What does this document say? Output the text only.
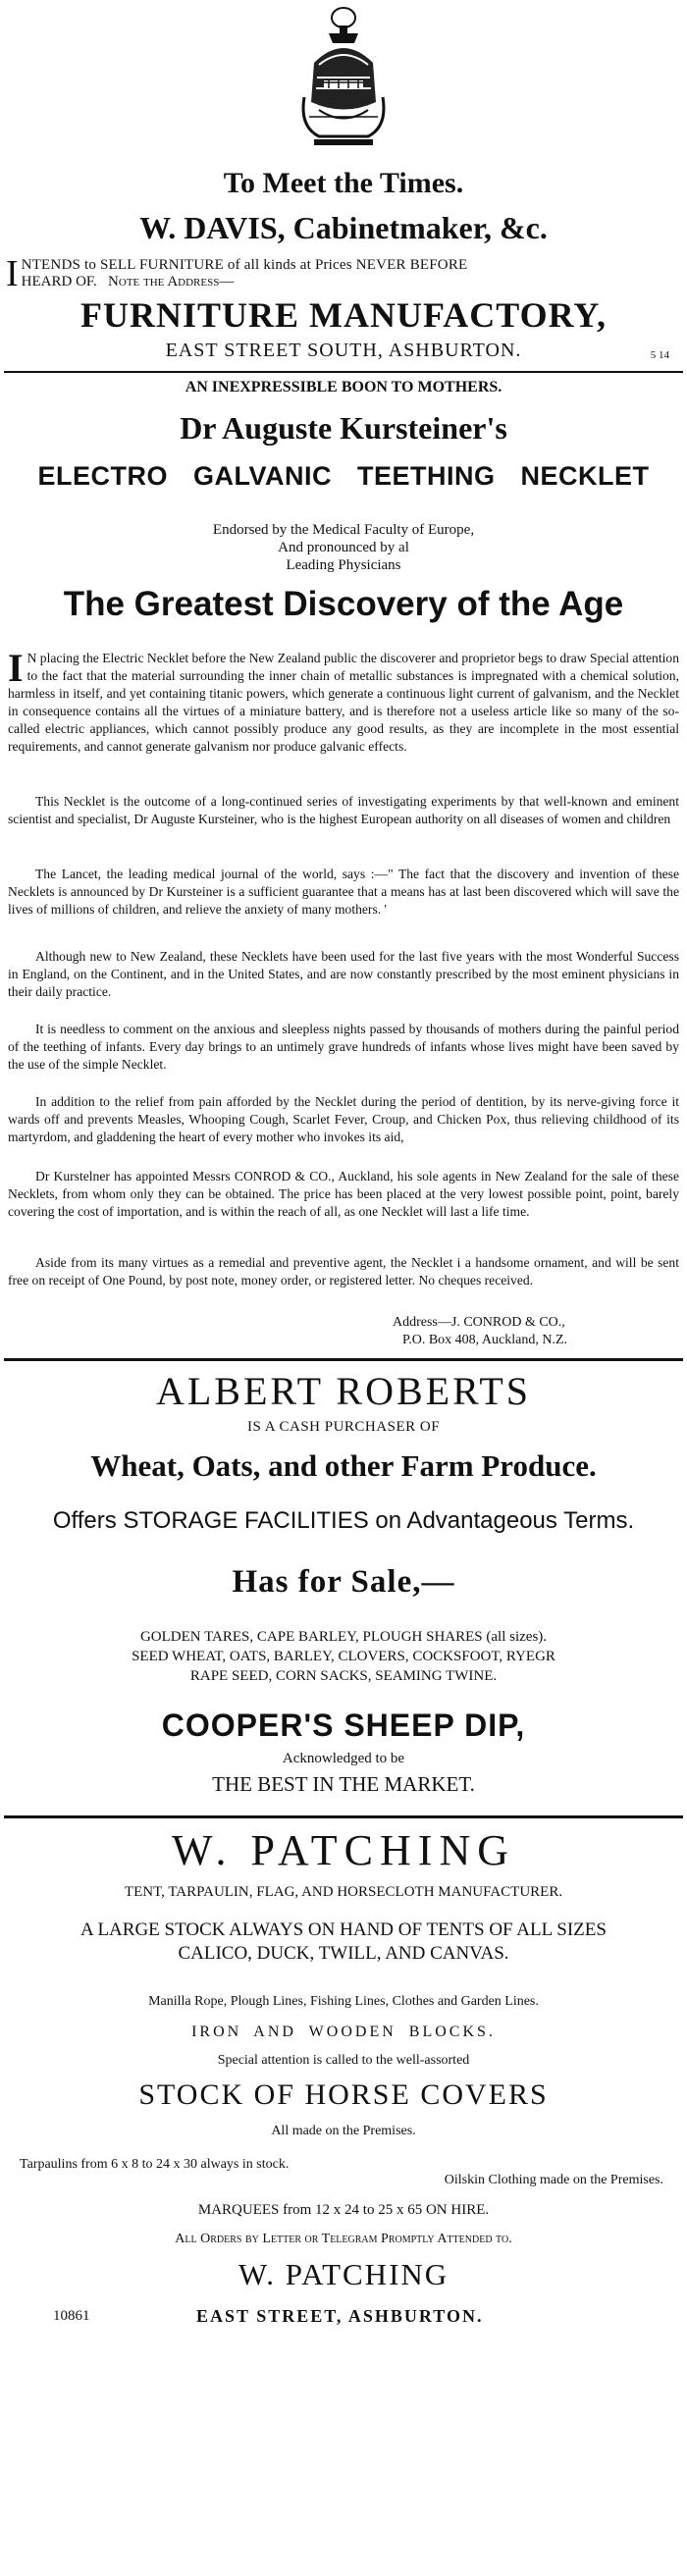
To Meet the Times.
W. DAVIS, Cabinetmaker, &c.
I NTENDS to SELL FURNITURE of all kinds at Prices NEVER BEFORE
HEARD OF. Note the Address—
FURNITURE MANUFACTORY,
EAST STREET SOUTH, ASHBURTON.	5 14
AN INEXPRESSIBLE BOON TO MOTHERS.
Dr Auguste Kursteiner's
ELECTRO GALVANIC TEETHING NECKLET
Endorsed by the Medical Faculty of Europe,
And pronounced by al
Leading Physicians
The Greatest Discovery of the Age
I N placing the Electric Necklet before the New Zealand public the discoverer and proprietor begs to draw Special attention to the fact that the material surrounding the inner chain of metallic substances is impregnated with a chemical solution, harmless in itself, and yet containing titanic powers, which generate a continuous light current of galvanism, and the Necklet in consequence contains all the virtues of a miniature battery, and is therefore not a useless article like so many of the so-called electric appliances, which cannot possibly produce any good results, as they are incomplete in the most essential requirements, and cannot generate galvanism nor produce galvanic effects.

This Necklet is the outcome of a long-continued series of investigating experiments by that well-known and eminent scientist and specialist, Dr Auguste Kursteiner, who is the highest European authority on all diseases of women and children

The Lancet, the leading medical journal of the world, says :—" The fact that the discovery and invention of these Necklets is announced by Dr Kursteiner is a sufficient guarantee that a means has at last been discovered which will save the lives of millions of children, and relieve the anxiety of many mothers. '

Although new to New Zealand, these Necklets have been used for the last five years with the most Wonderful Success in England, on the Continent, and in the United States, and are now constantly prescribed by the most eminent physicians in their daily practice.

It is needless to comment on the anxious and sleepless nights passed by thousands of mothers during the painful period of the teething of infants. Every day brings to an untimely grave hundreds of infants whose lives might have been saved by the use of the simple Necklet.

In addition to the relief from pain afforded by the Necklet during the period of dentition, by its nerve-giving force it wards off and prevents Measles, Whooping Cough, Scarlet Fever, Croup, and Chicken Pox, thus relieving childhood of its martyrdom, and gladdening the heart of every mother who invokes its aid,

Dr Kurstelner has appointed Messrs CONROD & CO., Auckland, his sole agents in New Zealand for the sale of these Necklets, from whom only they can be obtained. The price has been placed at the very lowest possible point, point, barely covering the cost of importation, and is within the reach of all, as one Necklet will last a life time.

Aside from its many virtues as a remedial and preventive agent, the Necklet i a handsome ornament, and will be sent free on receipt of One Pound, by post note, money order, or registered letter. No cheques received.

Address—J. CONROD & CO.,
P.O. Box 408, Auckland, N.Z.
ALBERT ROBERTS
IS A CASH PURCHASER OF
Wheat, Oats, and other Farm Produce.
Offers STORAGE FACILITIES on Advantageous Terms.
Has for Sale,—
GOLDEN TARES, CAPE BARLEY, PLOUGH SHARES (all sizes).
SEED WHEAT, OATS, BARLEY, CLOVERS, COCKSFOOT, RYEGR
RAPE SEED, CORN SACKS, SEAMING TWINE.
COOPER'S SHEEP DIP,
Acknowledged to be
THE BEST IN THE MARKET.
W. PATCHING
TENT, TARPAULIN, FLAG, AND HORSECLOTH MANUFACTURER.
A LARGE STOCK ALWAYS ON HAND OF TENTS OF ALL SIZES
CALICO, DUCK, TWILL, AND CANVAS.
Manilla Rope, Plough Lines, Fishing Lines, Clothes and Garden Lines.
IRON AND WOODEN BLOCKS.
Special attention is called to the well-assorted
STOCK OF HORSE COVERS
All made on the Premises.
Tarpaulins from 6 x 8 to 24 x 30 always in stock.
Oilskin Clothing made on the Premises.
MARQUEES from 12 x 24 to 25 x 65 ON HIRE.
All Orders by Letter or Telegram Promptly Attended to.
W. PATCHING
10861	EAST STREET, ASHBURTON.
